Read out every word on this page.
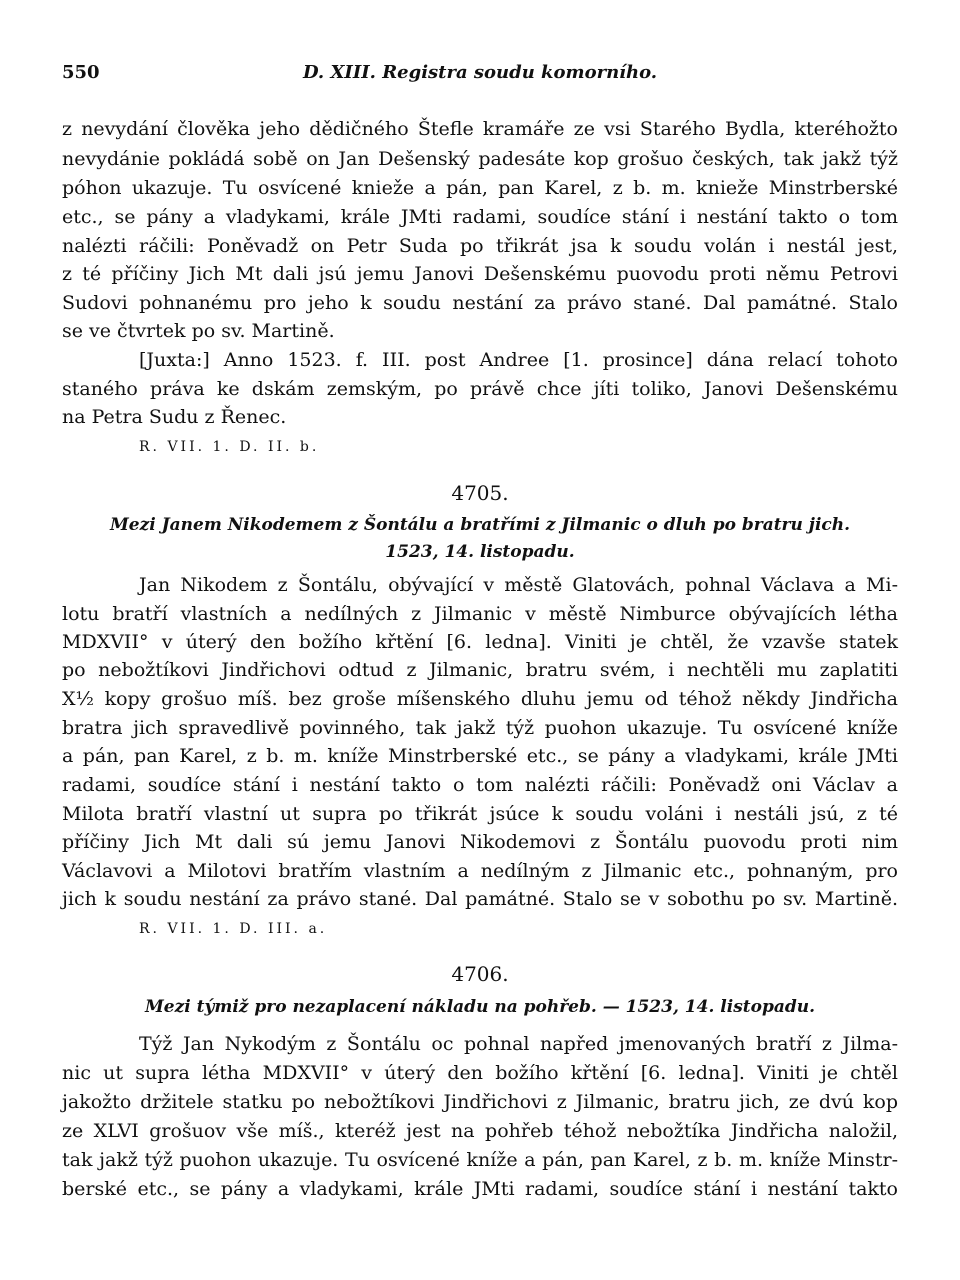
550	D. XIII. Registra soudu komorního.
z nevydání člověka jeho dědičného Štefle kramáře ze vsi Starého Bydla, kteréhožto
nevydánie pokládá sobě on Jan Dešenský padesáte kop grošuo českých, tak jakž týž
póhon ukazuje. Tu osvícené knieže a pán, pan Karel, z b. m. knieže Minstrberské
etc., se pány a vladykami, krále JMti radami, soudíce stání i nestání takto o tom
nalézti ráčili: Poněvadž on Petr Suda po třikrát jsa k soudu volán i nestál jest,
z té příčiny Jich Mt dali jsú jemu Janovi Dešenskému puovodu proti němu Petrovi
Sudovi pohnanému pro jeho k soudu nestání za právo stané. Dal památné. Stalo
se ve čtvrtek po sv. Martině.
[Juxta:] Anno 1523. f. III. post Andree [1. prosince] dána relací tohoto
staného práva ke dskám zemským, po právě chce jíti toliko, Janovi Dešenskému
na Petra Sudu z Řenec.
R. VII. 1. D. II. b.
4705.
Mezi Janem Nikodemem z Šontálu a bratřími z Jilmanic o dluh po bratru jich.
1523, 14. listopadu.
Jan Nikodem z Šontálu, obývající v městě Glatovách, pohnal Václava a Mi-
lotu bratří vlastních a nedílných z Jilmanic v městě Nimburce obývajících létha
MDXVII° v úterý den božího křtění [6. ledna]. Viniti je chtěl, že vzavše statek
po nebožtíkovi Jindřichovi odtud z Jilmanic, bratru svém, i nechtěli mu zaplatiti
X½ kopy grošuo míš. bez groše míšenského dluhu jemu od téhož někdy Jindřicha
bratra jich spravedlivě povinného, tak jakž týž puohon ukazuje. Tu osvícené kníže
a pán, pan Karel, z b. m. kníže Minstrberské etc., se pány a vladykami, krále JMti
radami, soudíce stání i nestání takto o tom nalézti ráčili: Poněvadž oni Václav a
Milota bratří vlastní ut supra po třikrát jsúce k soudu voláni i nestáli jsú, z té
příčiny Jich Mt dali sú jemu Janovi Nikodemovi z Šontálu puovodu proti nim
Václavovi a Milotovi bratřím vlastním a nedílným z Jilmanic etc., pohnaným, pro
jich k soudu nestání za právo stané. Dal památné. Stalo se v sobothu po sv. Martině.
R. VII. 1. D. III. a.
4706.
Mezi týmiž pro nezaplacení nákladu na pohřeb. — 1523, 14. listopadu.
Týž Jan Nykodým z Šontálu oc pohnal napřed jmenovaných bratří z Jilma-
nic ut supra létha MDXVII° v úterý den božího křtění [6. ledna]. Viniti je chtěl
jakožto držitele statku po nebožtíkovi Jindřichovi z Jilmanic, bratru jich, ze dvú kop
ze XLVI grošuov vše míš., kteréž jest na pohřeb téhož nebožtíka Jindřicha naložil,
tak jakž týž puohon ukazuje. Tu osvícené kníže a pán, pan Karel, z b. m. kníže Minstr-
berské etc., se pány a vladykami, krále JMti radami, soudíce stání i nestání takto
